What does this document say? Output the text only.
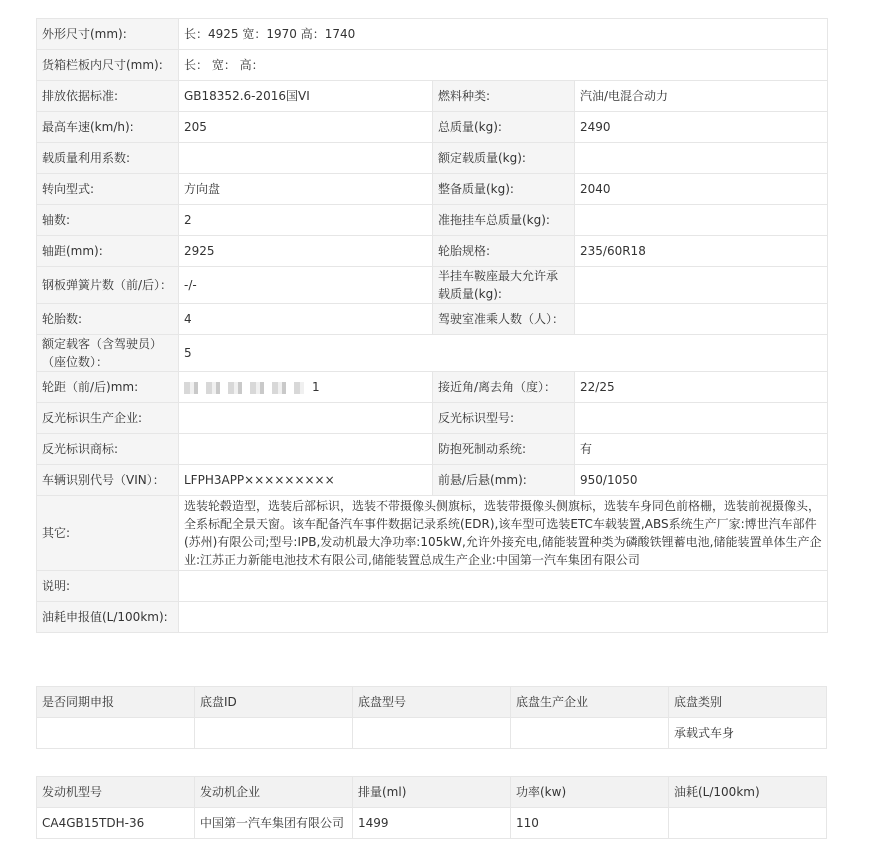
外形尺寸(mm):	长：4925 宽：1970 高：1740		
货箱栏板内尺寸(mm):	长： 宽： 高：		
排放依据标准:	GB18352.6-2016国VI	燃料种类:	汽油/电混合动力
最高车速(km/h):	205	总质量(kg):	2490
载质量利用系数:		额定载质量(kg):	
转向型式:	方向盘	整备质量(kg):	2040
轴数:	2	准拖挂车总质量(kg):	
轴距(mm):	2925	轮胎规格:	235/60R18
钢板弹簧片数（前/后）：	-/-	半挂车鞍座最大允许承载质量(kg):	
轮胎数:	4	驾驶室准乘人数（人）：	
额定载客（含驾驶员）（座位数）：	5		
轮距（前/后)mm:	1	接近角/离去角（度）：	22/25
反光标识生产企业:		反光标识型号:	
反光标识商标:		防抱死制动系统:	有
车辆识别代号（VIN）：	LFPH3APP×××××××××	前悬/后悬(mm):	950/1050
其它:	选装轮毂造型，选装后部标识，选装不带摄像头侧旗标，选装带摄像头侧旗标，选装车身同色前格栅，选装前视摄像头，全系标配全景天窗。该车配备汽车事件数据记录系统(EDR),该车型可选装ETC车载装置,ABS系统生产厂家:博世汽车部件(苏州)有限公司;型号:IPB,发动机最大净功率:105kW,允许外接充电,储能装置种类为磷酸铁锂蓄电池,储能装置单体生产企业:江苏正力新能电池技术有限公司,储能装置总成生产企业:中国第一汽车集团有限公司		
说明:			
油耗申报值(L/100km):			
是否同期申报	底盘ID	底盘型号	底盘生产企业	底盘类别
				承载式车身
发动机型号	发动机企业	排量(ml)	功率(kw)	油耗(L/100km)
CA4GB15TDH-36	中国第一汽车集团有限公司	1499	110	
